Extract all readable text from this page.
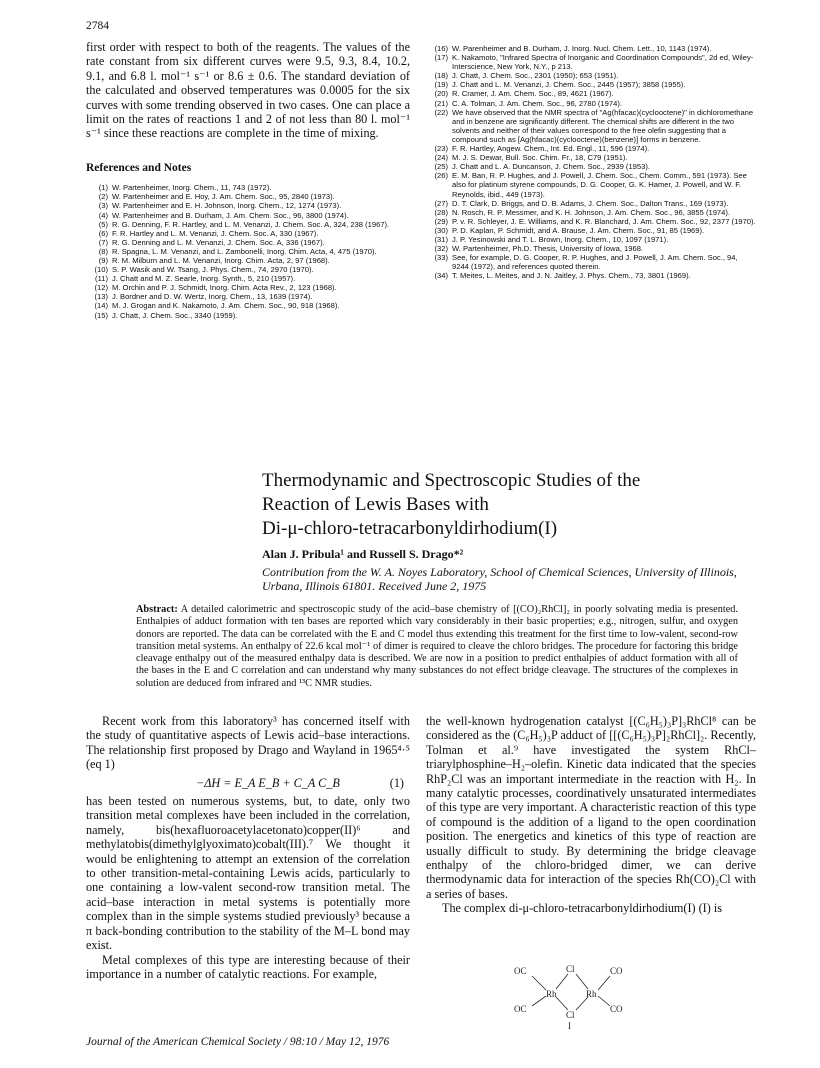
2784

first order with respect to both of the reagents. The values of the rate constant from six different curves were 9.5, 9.3, 8.4, 10.2, 9.1, and 6.8 l. mol⁻¹ s⁻¹ or 8.6 ± 0.6. The standard deviation of the calculated and observed temperatures was 0.0005 for the six curves with some trending observed in two cases. One can place a limit on the rates of reactions 1 and 2 of not less than 80 l. mol⁻¹ s⁻¹ since these reactions are complete in the time of mixing.

References and Notes
(1) W. Partenheimer, Inorg. Chem., 11, 743 (1972).
(2) W. Partenheimer and E. Hoy, J. Am. Chem. Soc., 95, 2840 (1973).
(3) W. Partenheimer and E. H. Johnson, Inorg. Chem., 12, 1274 (1973).
(4) W. Partenheimer and B. Durham, J. Am. Chem. Soc., 96, 3800 (1974).
(5) R. G. Denning, F. R. Hartley, and L. M. Venanzi, J. Chem. Soc. A, 324, 238 (1967).
(6) F. R. Hartley and L. M. Venanzi, J. Chem. Soc. A, 330 (1967).
(7) R. G. Denning and L. M. Venanzi, J. Chem. Soc. A, 336 (1967).
(8) R. Spagna, L. M. Venanzi, and L. Zambonelli, Inorg. Chim. Acta, 4, 475 (1970).
(9) R. M. Milburn and L. M. Venanzi, Inorg. Chim. Acta, 2, 97 (1968).
(10) S. P. Wasik and W. Tsang, J. Phys. Chem., 74, 2970 (1970).
(11) J. Chatt and M. Z. Searle, Inorg. Synth., 5, 210 (1957).
(12) M. Orchin and P. J. Schmidt, Inorg. Chim. Acta Rev., 2, 123 (1968).
(13) J. Bordner and D. W. Wertz, Inorg. Chem., 13, 1639 (1974).
(14) M. J. Grogan and K. Nakamoto, J. Am. Chem. Soc., 90, 918 (1968).
(15) J. Chatt, J. Chem. Soc., 3340 (1959).
(16) W. Parenheimer and B. Durham, J. Inorg. Nucl. Chem. Lett., 10, 1143 (1974).
(17) K. Nakamoto, "Infrared Spectra of Inorganic and Coordination Compounds", 2d ed, Wiley-Interscience, New York, N.Y., p 213.
(18) J. Chatt, J. Chem. Soc., 2301 (1950); 653 (1951).
(19) J. Chatt and L. M. Venanzi, J. Chem. Soc., 2445 (1957); 3858 (1955).
(20) R. Cramer, J. Am. Chem. Soc., 89, 4621 (1967).
(21) C. A. Tolman, J. Am. Chem. Soc., 96, 2780 (1974).
(22) We have observed that the NMR spectra of "Ag(hfacac)(cyclooctene)" in dichloromethane and in benzene are significantly different. The chemical shifts are different in the two solvents and neither of their values correspond to the free olefin suggesting that a compound such as [Ag(hfacac)(cyclooctene)(benzene)] forms in benzene.
(23) F. R. Hartley, Angew. Chem., Int. Ed. Engl., 11, 596 (1974).
(24) M. J. S. Dewar, Bull. Soc. Chim. Fr., 18, C79 (1951).
(25) J. Chatt and L. A. Duncanson, J. Chem. Soc., 2939 (1953).
(26) E. M. Ban, R. P. Hughes, and J. Powell, J. Chem. Soc., Chem. Comm., 591 (1973). See also for platinum styrene compounds, D. G. Cooper, G. K. Hamer, J. Powell, and W. F. Reynolds, ibid., 449 (1973).
(27) D. T. Clark, D. Briggs, and D. B. Adams, J. Chem. Soc., Dalton Trans., 169 (1973).
(28) N. Rosch, R. P. Messmer, and K. H. Johnson, J. Am. Chem. Soc., 96, 3855 (1974).
(29) P. v. R. Schleyer, J. E. Williams, and K. R. Blanchard, J. Am. Chem. Soc., 92, 2377 (1970).
(30) P. D. Kaplan, P. Schmidt, and A. Brause, J. Am. Chem. Soc., 91, 85 (1969).
(31) J. P. Yesinowski and T. L. Brown, Inorg. Chem., 10, 1097 (1971).
(32) W. Partenheimer, Ph.D. Thesis, University of Iowa, 1968.
(33) See, for example, D. G. Cooper, R. P. Hughes, and J. Powell, J. Am. Chem. Soc., 94, 9244 (1972), and references quoted therein.
(34) T. Meites, L. Meites, and J. N. Jaitley, J. Phys. Chem., 73, 3801 (1969).
Thermodynamic and Spectroscopic Studies of the
Reaction of Lewis Bases with
Di-μ-chloro-tetracarbonyldirhodium(I)
Alan J. Pribula¹ and Russell S. Drago*²
Contribution from the W. A. Noyes Laboratory, School of Chemical Sciences, University of Illinois, Urbana, Illinois 61801. Received June 2, 1975
Abstract: A detailed calorimetric and spectroscopic study of the acid–base chemistry of [(CO)₂RhCl]₂ in poorly solvating media is presented. Enthalpies of adduct formation with ten bases are reported which vary considerably in their basic properties; e.g., nitrogen, sulfur, and oxygen donors are reported. The data can be correlated with the E and C model thus extending this treatment for the first time to low-valent, second-row transition metal systems. An enthalpy of 22.6 kcal mol⁻¹ of dimer is required to cleave the chloro bridges. The procedure for factoring this bridge cleavage enthalpy out of the measured enthalpy data is described. We are now in a position to predict enthalpies of adduct formation with all of the bases in the E and C correlation and can understand why many substances do not effect bridge cleavage. The structures of the complexes in solution are deduced from infrared and ¹³C NMR studies.

Recent work from this laboratory³ has concerned itself with the study of quantitative aspects of Lewis acid–base interactions. The relationship first proposed by Drago and Wayland in 1965⁴·⁵ (eq 1)

−ΔH = E_A E_B + C_A C_B	(1)

has been tested on numerous systems, but, to date, only two transition metal complexes have been included in the correlation, namely, bis(hexafluoroacetylacetonato)copper(II)⁶ and methylatobis(dimethylglyoximato)cobalt(III).⁷ We thought it would be enlightening to attempt an extension of the correlation to other transition-metal-containing Lewis acids, particularly to one containing a low-valent second-row transition metal. The acid–base interaction in metal systems is potentially more complex than in the simple systems studied previously³ because a π back-bonding contribution to the stability of the M–L bond may exist.

Metal complexes of this type are interesting because of their importance in a number of catalytic reactions. For example,

the well-known hydrogenation catalyst [(C₆H₅)₃P]₃RhCl⁸ can be considered as the (C₆H₅)₃P adduct of [[(C₆H₅)₃P]₂RhCl]₂. Recently, Tolman et al.⁹ have investigated the system RhCl–triarylphosphine–H₂–olefin. Kinetic data indicated that the species RhP₂Cl was an important intermediate in the reaction with H₂. In many catalytic processes, coordinatively unsaturated intermediates of this type are very important. A characteristic reaction of this type of compound is the addition of a ligand to the open coordination position. The energetics and kinetics of this type of reaction are usually difficult to study. By determining the bridge cleavage enthalpy of the chloro-bridged dimer, we can derive thermodynamic data for interaction of the species Rh(CO)₂Cl with a series of bases.

The complex di-μ-chloro-tetracarbonyldirhodium(I) (I) is

OC
OC
Rh
Cl
Cl
Rh
CO
CO
I
Journal of the American Chemical Society / 98:10 / May 12, 1976
